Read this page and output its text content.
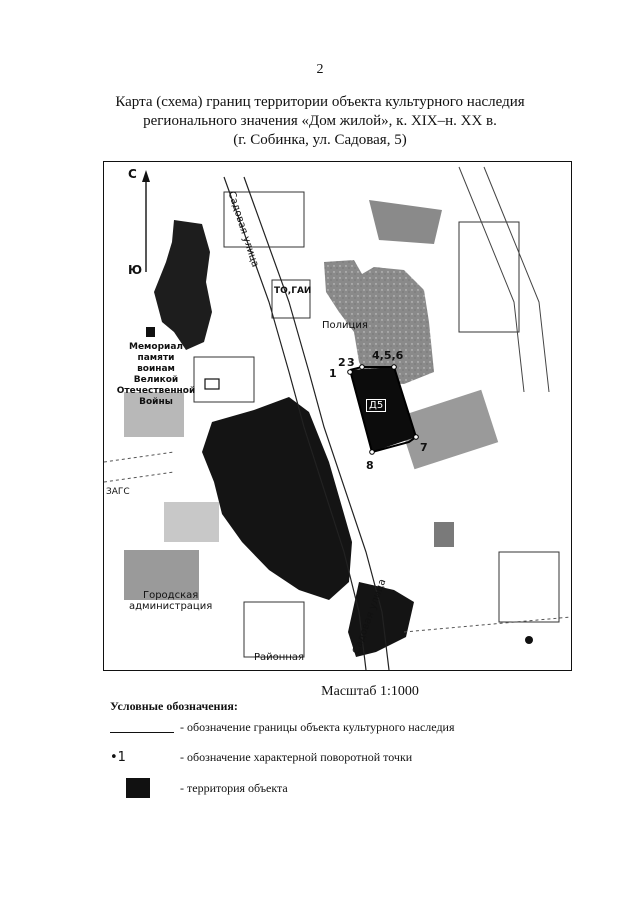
2
Карта (схема) границ территории объекта культурного наследия
регионального значения «Дом жилой», к. XIX–н. XX в.
(г. Собинка, ул. Садовая, 5)
С
Ю
Садовая улица
ТО,ГАИ
Полиция
Д5
1
2 3
4,5,6
7
8
Мемориал
памяти
воинам
Великой
Отечественной
Войны
ЗАГС
Городская
администрация
Районная
Садовая улица
Масштаб 1:1000
Условные обозначения:
- обозначение границы объекта культурного наследия
•1	- обозначение характерной поворотной точки
- территория объекта
